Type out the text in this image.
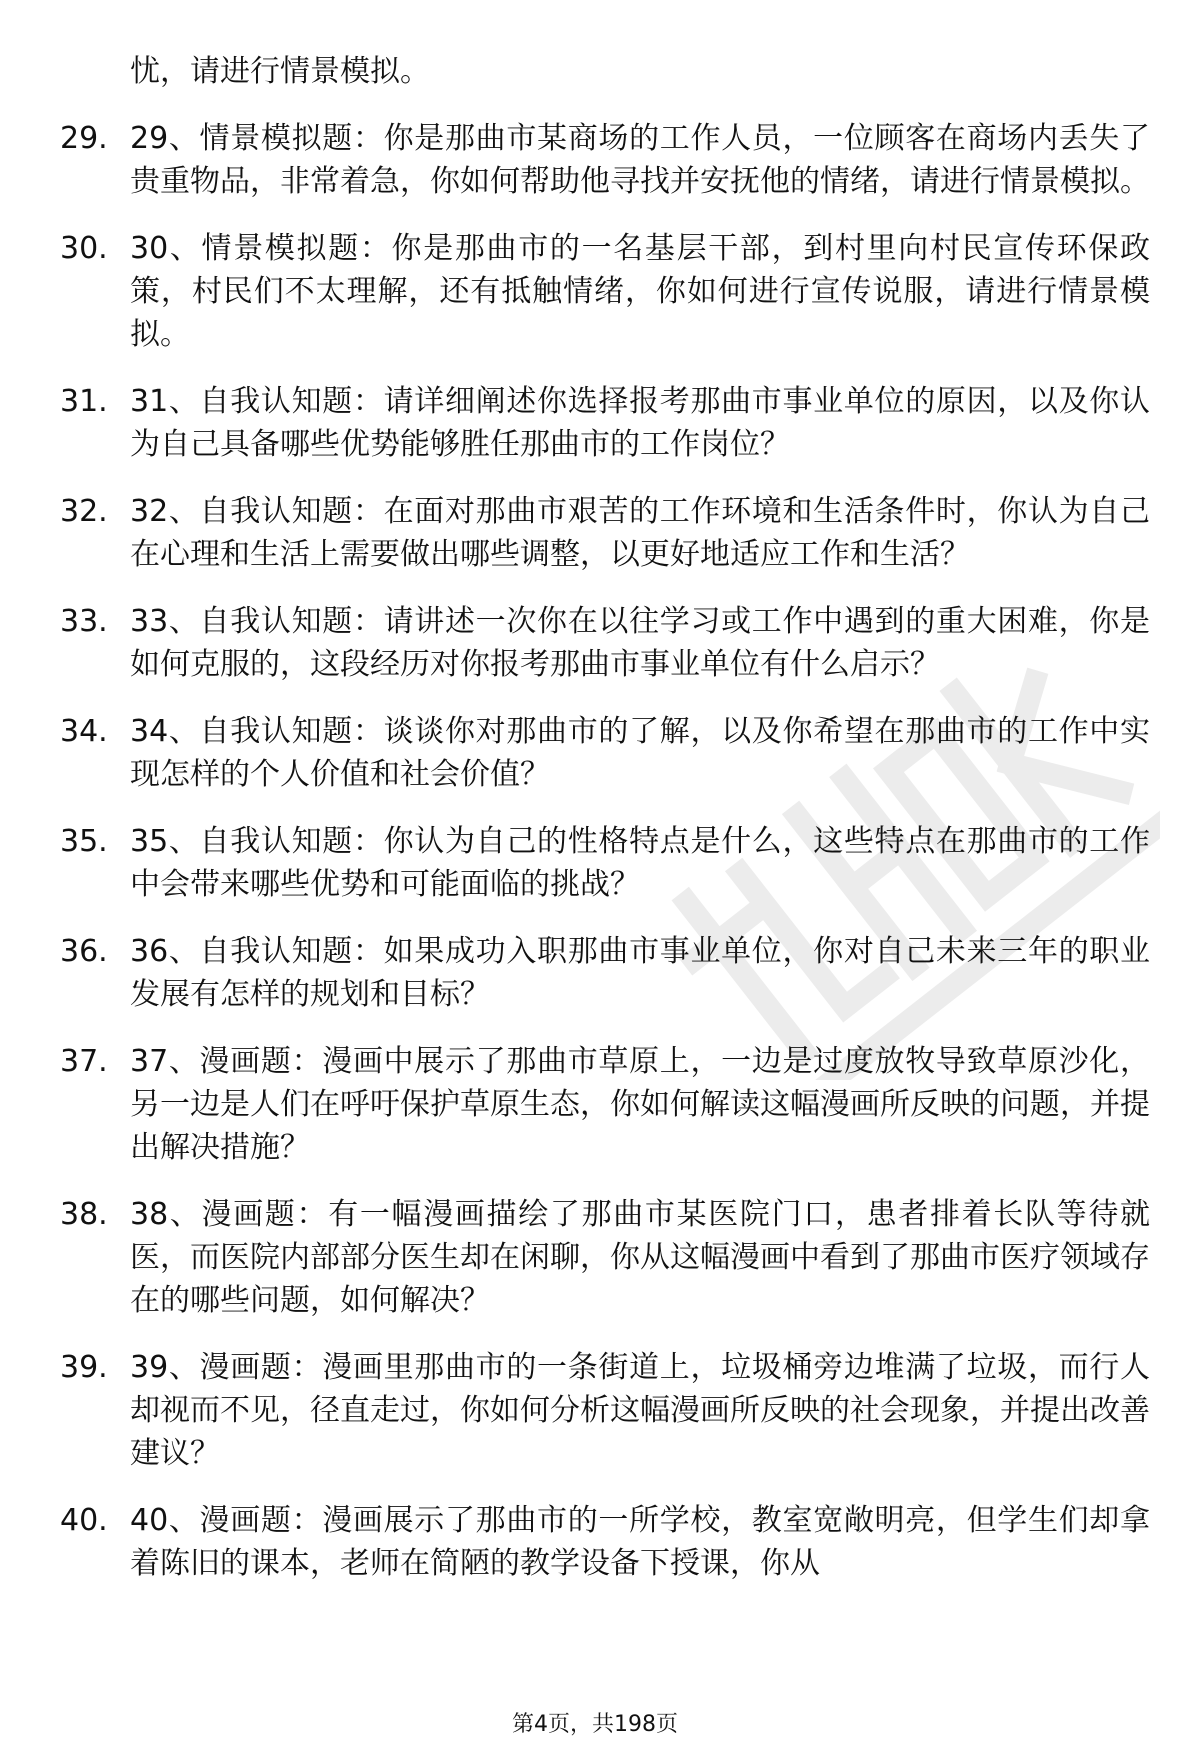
忧，请进行情景模拟。
29. 29、情景模拟题：你是那曲市某商场的工作人员，一位顾客在商场内丢失了贵重物品，非常着急，你如何帮助他寻找并安抚他的情绪，请进行情景模拟。
30. 30、情景模拟题：你是那曲市的一名基层干部，到村里向村民宣传环保政策，村民们不太理解，还有抵触情绪，你如何进行宣传说服，请进行情景模拟。
31. 31、自我认知题：请详细阐述你选择报考那曲市事业单位的原因，以及你认为自己具备哪些优势能够胜任那曲市的工作岗位？
32. 32、自我认知题：在面对那曲市艰苦的工作环境和生活条件时，你认为自己在心理和生活上需要做出哪些调整，以更好地适应工作和生活？
33. 33、自我认知题：请讲述一次你在以往学习或工作中遇到的重大困难，你是如何克服的，这段经历对你报考那曲市事业单位有什么启示？
34. 34、自我认知题：谈谈你对那曲市的了解，以及你希望在那曲市的工作中实现怎样的个人价值和社会价值？
35. 35、自我认知题：你认为自己的性格特点是什么，这些特点在那曲市的工作中会带来哪些优势和可能面临的挑战？
36. 36、自我认知题：如果成功入职那曲市事业单位，你对自己未来三年的职业发展有怎样的规划和目标？
37. 37、漫画题：漫画中展示了那曲市草原上，一边是过度放牧导致草原沙化，另一边是人们在呼吁保护草原生态，你如何解读这幅漫画所反映的问题，并提出解决措施？
38. 38、漫画题：有一幅漫画描绘了那曲市某医院门口，患者排着长队等待就医，而医院内部部分医生却在闲聊，你从这幅漫画中看到了那曲市医疗领域存在的哪些问题，如何解决？
39. 39、漫画题：漫画里那曲市的一条街道上，垃圾桶旁边堆满了垃圾，而行人却视而不见，径直走过，你如何分析这幅漫画所反映的社会现象，并提出改善建议？
40. 40、漫画题：漫画展示了那曲市的一所学校，教室宽敞明亮，但学生们却拿着陈旧的课本，老师在简陋的教学设备下授课，你从
第4页，共198页
